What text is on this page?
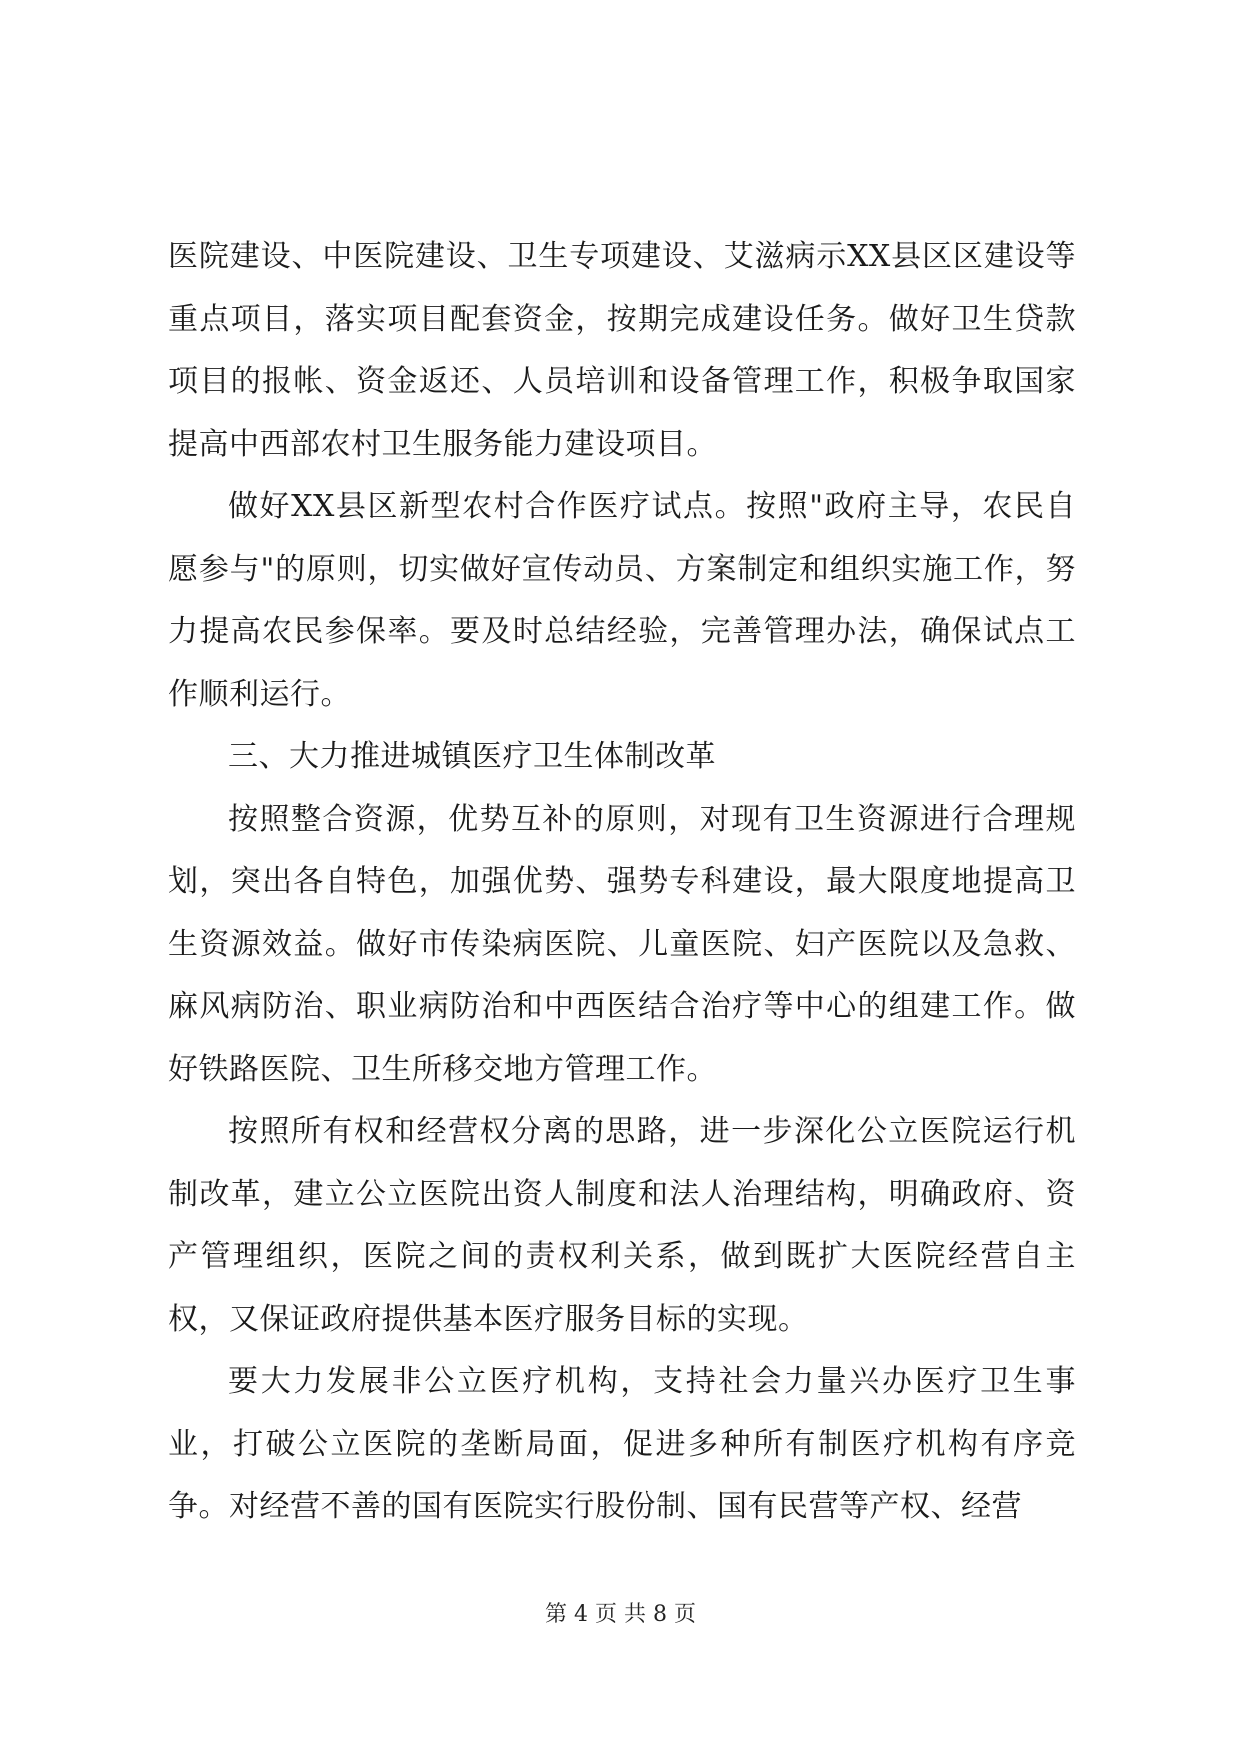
医院建设、中医院建设、卫生专项建设、艾滋病示XX县区区建设等重点项目，落实项目配套资金，按期完成建设任务。做好卫生贷款项目的报帐、资金返还、人员培训和设备管理工作，积极争取国家提高中西部农村卫生服务能力建设项目。

做好XX县区新型农村合作医疗试点。按照"政府主导，农民自愿参与"的原则，切实做好宣传动员、方案制定和组织实施工作，努力提高农民参保率。要及时总结经验，完善管理办法，确保试点工作顺利运行。

三、大力推进城镇医疗卫生体制改革

按照整合资源，优势互补的原则，对现有卫生资源进行合理规划，突出各自特色，加强优势、强势专科建设，最大限度地提高卫生资源效益。做好市传染病医院、儿童医院、妇产医院以及急救、麻风病防治、职业病防治和中西医结合治疗等中心的组建工作。做好铁路医院、卫生所移交地方管理工作。

按照所有权和经营权分离的思路，进一步深化公立医院运行机制改革，建立公立医院出资人制度和法人治理结构，明确政府、资产管理组织，医院之间的责权利关系，做到既扩大医院经营自主权，又保证政府提供基本医疗服务目标的实现。

要大力发展非公立医疗机构，支持社会力量兴办医疗卫生事业，打破公立医院的垄断局面，促进多种所有制医疗机构有序竞争。对经营不善的国有医院实行股份制、国有民营等产权、经营

第 4 页 共 8 页
